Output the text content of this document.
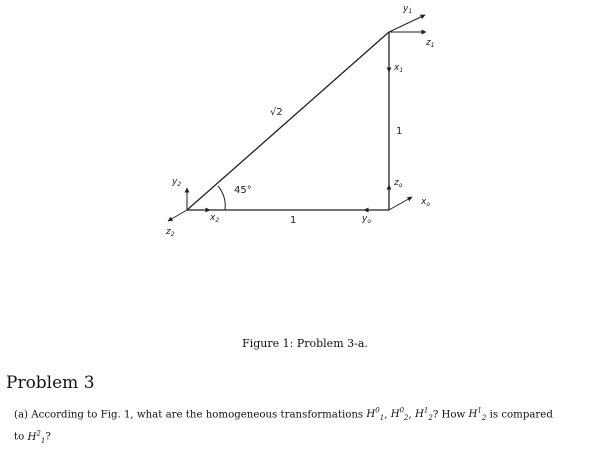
√2
45°
1
1
$y_1$
$z_1$
$x_1$
$y_2$
$z_2$
$x_2$	$y_o$
$z_o$
$x_o$
Figure 1: Problem 3-a.
Problem 3
(a) According to Fig. 1, what are the homogeneous transformations $H^0_1$, $H^0_2$, $H^1_2$? How $H^1_2$ is compared
to $H^2_1$?
